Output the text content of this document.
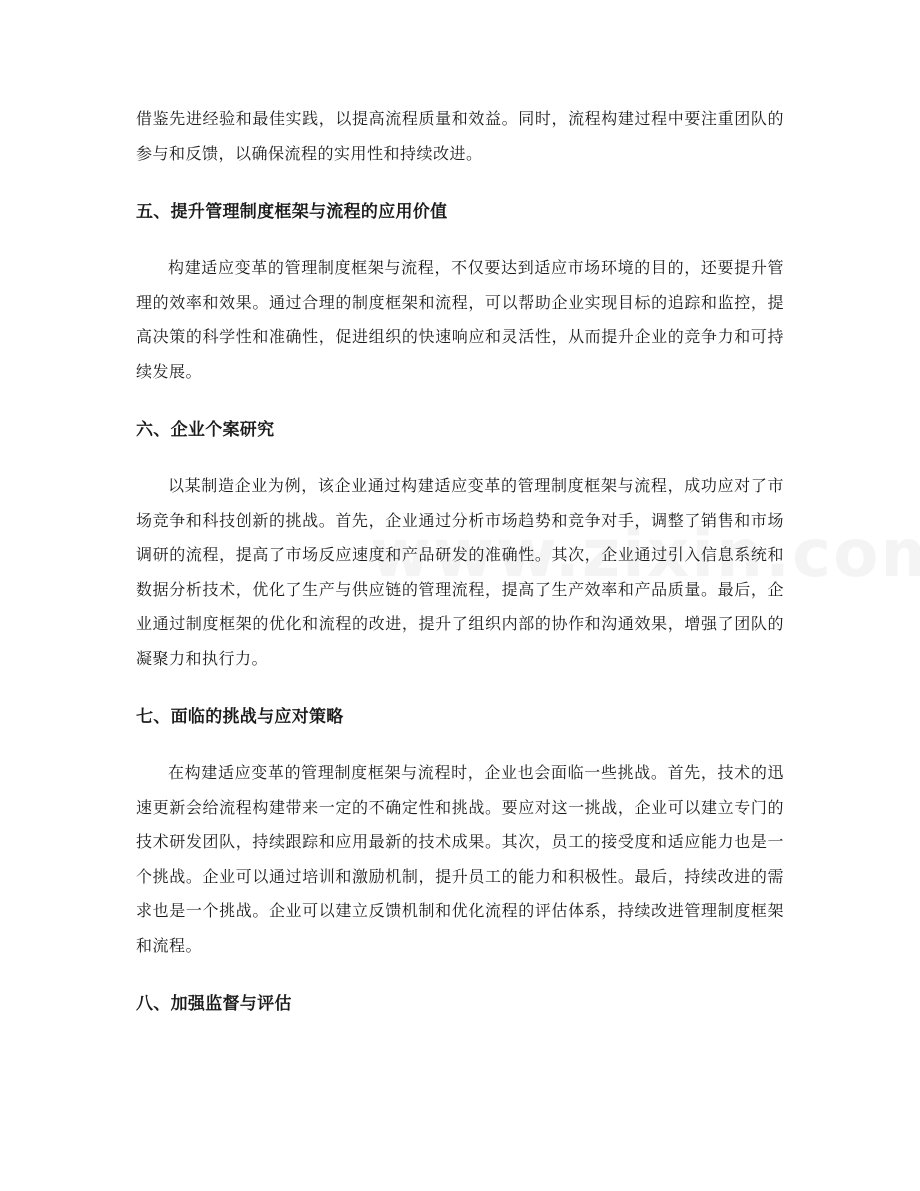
借鉴先进经验和最佳实践，以提高流程质量和效益。同时，流程构建过程中要注重团队的参与和反馈，以确保流程的实用性和持续改进。

五、提升管理制度框架与流程的应用价值

构建适应变革的管理制度框架与流程，不仅要达到适应市场环境的目的，还要提升管理的效率和效果。通过合理的制度框架和流程，可以帮助企业实现目标的追踪和监控，提高决策的科学性和准确性，促进组织的快速响应和灵活性，从而提升企业的竞争力和可持续发展。

六、企业个案研究

以某制造企业为例，该企业通过构建适应变革的管理制度框架与流程，成功应对了市场竞争和科技创新的挑战。首先，企业通过分析市场趋势和竞争对手，调整了销售和市场调研的流程，提高了市场反应速度和产品研发的准确性。其次，企业通过引入信息系统和数据分析技术，优化了生产与供应链的管理流程，提高了生产效率和产品质量。最后，企业通过制度框架的优化和流程的改进，提升了组织内部的协作和沟通效果，增强了团队的凝聚力和执行力。

七、面临的挑战与应对策略

在构建适应变革的管理制度框架与流程时，企业也会面临一些挑战。首先，技术的迅速更新会给流程构建带来一定的不确定性和挑战。要应对这一挑战，企业可以建立专门的技术研发团队，持续跟踪和应用最新的技术成果。其次，员工的接受度和适应能力也是一个挑战。企业可以通过培训和激励机制，提升员工的能力和积极性。最后，持续改进的需求也是一个挑战。企业可以建立反馈机制和优化流程的评估体系，持续改进管理制度框架和流程。

八、加强监督与评估
